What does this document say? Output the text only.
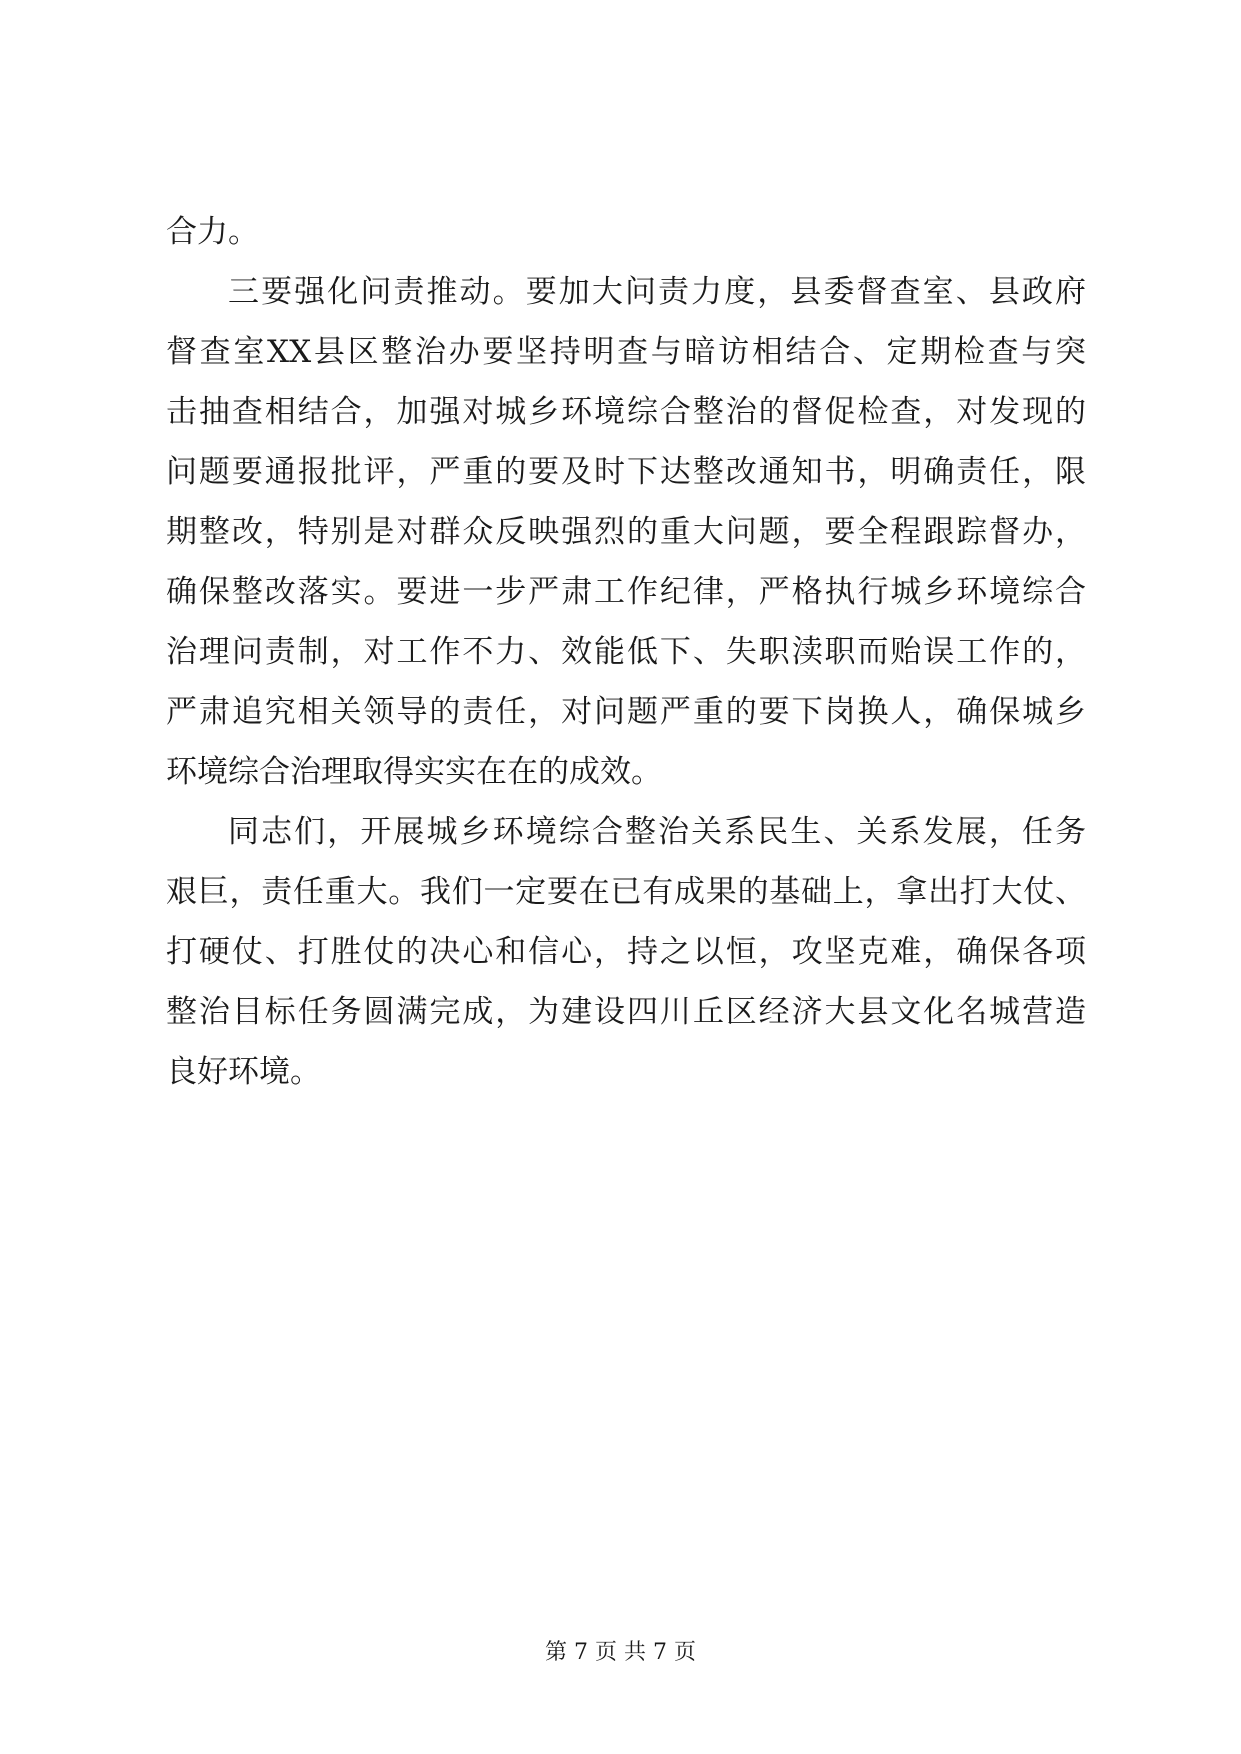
合力。
三要强化问责推动。要加大问责力度，县委督查室、县政府
督查室XX县区整治办要坚持明查与暗访相结合、定期检查与突
击抽查相结合，加强对城乡环境综合整治的督促检查，对发现的
问题要通报批评，严重的要及时下达整改通知书，明确责任，限
期整改，特别是对群众反映强烈的重大问题，要全程跟踪督办，
确保整改落实。要进一步严肃工作纪律，严格执行城乡环境综合
治理问责制，对工作不力、效能低下、失职渎职而贻误工作的，
严肃追究相关领导的责任，对问题严重的要下岗换人，确保城乡
环境综合治理取得实实在在的成效。
同志们，开展城乡环境综合整治关系民生、关系发展，任务
艰巨，责任重大。我们一定要在已有成果的基础上，拿出打大仗、
打硬仗、打胜仗的决心和信心，持之以恒，攻坚克难，确保各项
整治目标任务圆满完成，为建设四川丘区经济大县文化名城营造
良好环境。
第 7 页 共 7 页
